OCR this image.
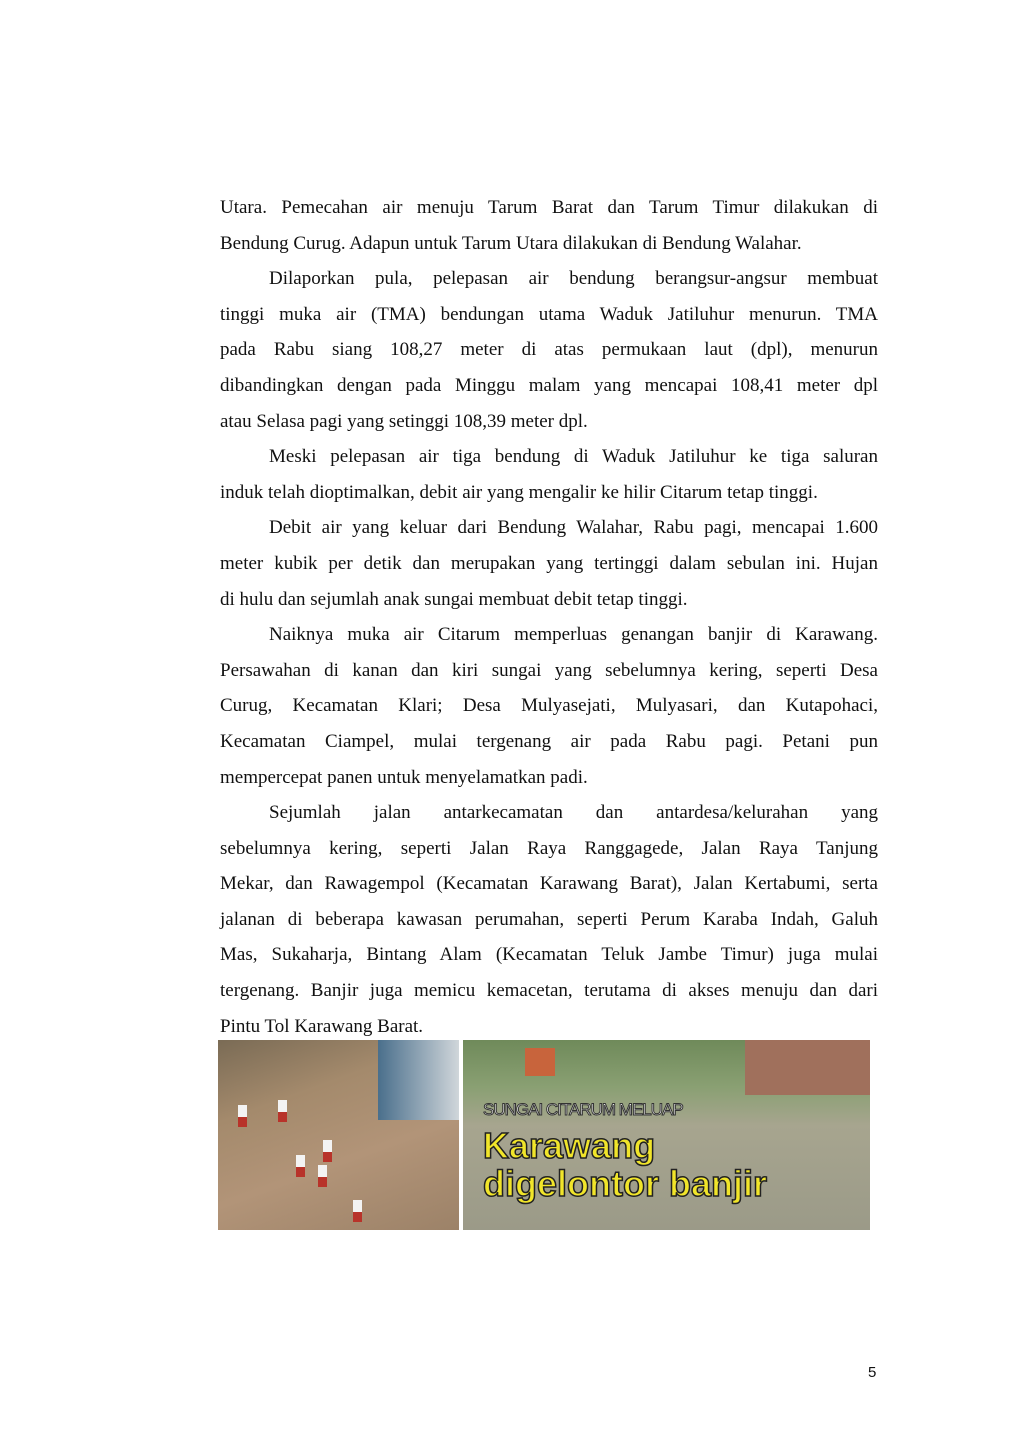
Utara. Pemecahan air menuju Tarum Barat dan Tarum Timur dilakukan di
Bendung Curug. Adapun untuk Tarum Utara dilakukan di Bendung Walahar.
Dilaporkan pula, pelepasan air bendung berangsur-angsur membuat
tinggi muka air (TMA) bendungan utama Waduk Jatiluhur menurun. TMA
pada Rabu siang 108,27 meter di atas permukaan laut (dpl), menurun
dibandingkan dengan pada Minggu malam yang mencapai 108,41 meter dpl
atau Selasa pagi yang setinggi 108,39 meter dpl.
Meski pelepasan air tiga bendung di Waduk Jatiluhur ke tiga saluran
induk telah dioptimalkan, debit air yang mengalir ke hilir Citarum tetap tinggi.
Debit air yang keluar dari Bendung Walahar, Rabu pagi, mencapai 1.600
meter kubik per detik dan merupakan yang tertinggi dalam sebulan ini. Hujan
di hulu dan sejumlah anak sungai membuat debit tetap tinggi.
Naiknya muka air Citarum memperluas genangan banjir di Karawang.
Persawahan di kanan dan kiri sungai yang sebelumnya kering, seperti Desa
Curug, Kecamatan Klari; Desa Mulyasejati, Mulyasari, dan Kutapohaci,
Kecamatan Ciampel, mulai tergenang air pada Rabu pagi. Petani pun
mempercepat panen untuk menyelamatkan padi.
Sejumlah jalan antarkecamatan dan antardesa/kelurahan yang
sebelumnya kering, seperti Jalan Raya Ranggagede, Jalan Raya Tanjung
Mekar, dan Rawagempol (Kecamatan Karawang Barat), Jalan Kertabumi, serta
jalanan di beberapa kawasan perumahan, seperti Perum Karaba Indah, Galuh
Mas, Sukaharja, Bintang Alam (Kecamatan Teluk Jambe Timur) juga mulai
tergenang. Banjir juga memicu kemacetan, terutama di akses menuju dan dari
Pintu Tol Karawang Barat.
SUNGAI CITARUM MELUAP
Karawang
digelontor banjir
5
